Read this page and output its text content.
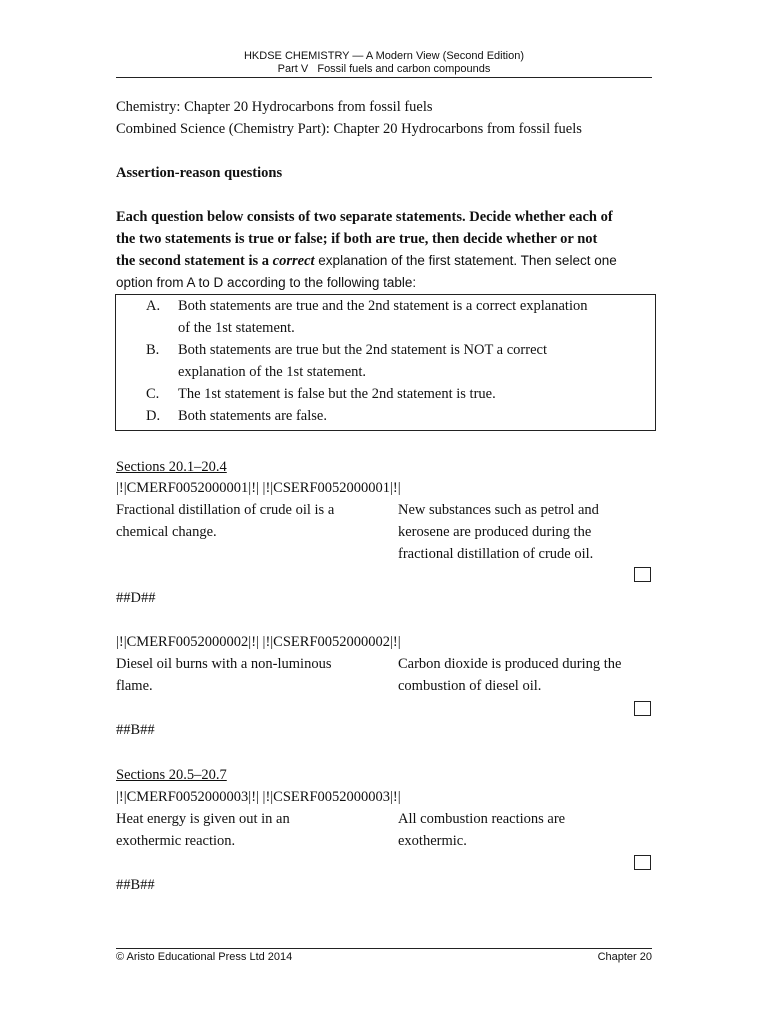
HKDSE CHEMISTRY — A Modern View (Second Edition)
Part V   Fossil fuels and carbon compounds
Chemistry: Chapter 20 Hydrocarbons from fossil fuels
Combined Science (Chemistry Part): Chapter 20 Hydrocarbons from fossil fuels
Assertion-reason questions
Each question below consists of two separate statements. Decide whether each of
the two statements is true or false; if both are true, then decide whether or not
the second statement is a correct explanation of the first statement. Then select one
option from A to D according to the following table:
A. Both statements are true and the 2nd statement is a correct explanation
of the 1st statement.
B. Both statements are true but the 2nd statement is NOT a correct
explanation of the 1st statement.
C. The 1st statement is false but the 2nd statement is true.
D. Both statements are false.
Sections 20.1–20.4
|!|CMERF0052000001|!| |!|CSERF0052000001|!|
Fractional distillation of crude oil is a
chemical change.
New substances such as petrol and
kerosene are produced during the
fractional distillation of crude oil.
##D##
|!|CMERF0052000002|!| |!|CSERF0052000002|!|
Diesel oil burns with a non-luminous
flame.
Carbon dioxide is produced during the
combustion of diesel oil.
##B##
Sections 20.5–20.7
|!|CMERF0052000003|!| |!|CSERF0052000003|!|
Heat energy is given out in an
exothermic reaction.
All combustion reactions are
exothermic.
##B##
© Aristo Educational Press Ltd 2014	Chapter 20
